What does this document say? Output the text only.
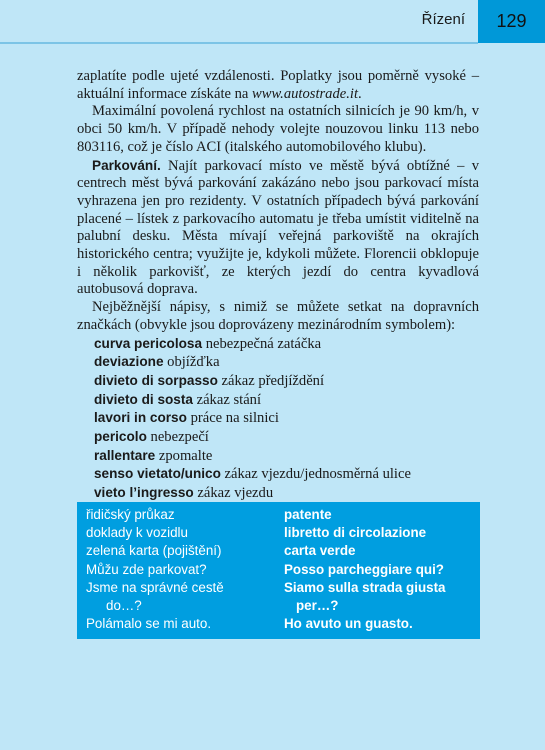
Řízení	129

zaplatíte podle ujeté vzdálenosti. Poplatky jsou poměrně vysoké – aktuální informace získáte na www.autostrade.it.

Maximální povolená rychlost na ostatních silnicích je 90 km/h, v obci 50 km/h. V případě nehody volejte nouzovou linku 113 nebo 803116, což je číslo ACI (italského automobilového klubu).

Parkování. Najít parkovací místo ve městě bývá obtížné – v centrech měst bývá parkování zakázáno nebo jsou parkovací místa vyhrazena jen pro rezidenty. V ostatních případech bývá parkování placené – lístek z parkovacího automatu je třeba umístit viditelně na palubní desku. Města mívají veřejná parkoviště na okrajích historického centra; využijte je, kdykoli můžete. Florencii obklopuje i několik parkovišť, ze kterých jezdí do centra kyvadlová autobusová doprava.

Nejběžnější nápisy, s nimiž se můžete setkat na dopravních značkách (obvykle jsou doprovázeny mezinárodním symbolem):

curva pericolosa nebezpečná zatáčka
deviazione objížďka
divieto di sorpasso zákaz předjíždění
divieto di sosta zákaz stání
lavori in corso práce na silnici
pericolo nebezpečí
rallentare zpomalte
senso vietato/unico zákaz vjezdu/jednosměrná ulice
vieto l’ingresso zákaz vjezdu
řidičský průkaz	patente
doklady k vozidlu	libretto di circolazione
zelená karta (pojištění)	carta verde
Můžu zde parkovat?	Posso parcheggiare qui?
Jsme na správné cestě	Siamo sulla strada giusta
do…?	per…?
Polámalo se mi auto.	Ho avuto un guasto.
